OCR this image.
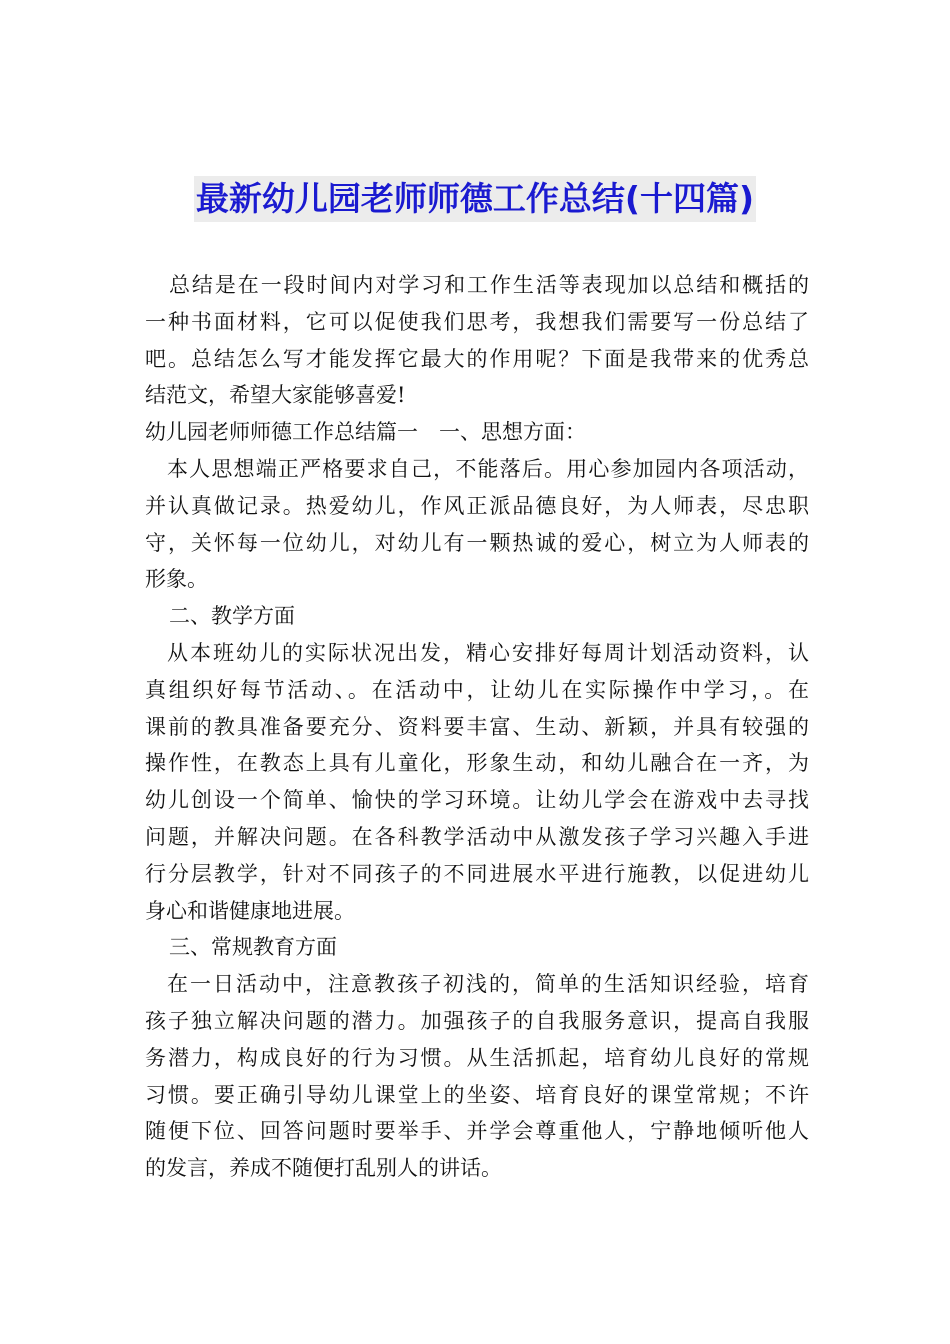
最新幼儿园老师师德工作总结(十四篇)
总结是在一段时间内对学习和工作生活等表现加以总结和概括的
一种书面材料，它可以促使我们思考，我想我们需要写一份总结了
吧。总结怎么写才能发挥它最大的作用呢？下面是我带来的优秀总
结范文，希望大家能够喜爱!
幼儿园老师师德工作总结篇一　一、思想方面：
本人思想端正严格要求自己，不能落后。用心参加园内各项活动，
并认真做记录。热爱幼儿，作风正派品德良好，为人师表，尽忠职
守，关怀每一位幼儿，对幼儿有一颗热诚的爱心，树立为人师表的
形象。
二、教学方面
从本班幼儿的实际状况出发，精心安排好每周计划活动资料，认
真组织好每节活动、。在活动中，让幼儿在实际操作中学习，。在
课前的教具准备要充分、资料要丰富、生动、新颖，并具有较强的
操作性，在教态上具有儿童化，形象生动，和幼儿融合在一齐，为
幼儿创设一个简单、愉快的学习环境。让幼儿学会在游戏中去寻找
问题，并解决问题。在各科教学活动中从激发孩子学习兴趣入手进
行分层教学，针对不同孩子的不同进展水平进行施教，以促进幼儿
身心和谐健康地进展。
三、常规教育方面
在一日活动中，注意教孩子初浅的，简单的生活知识经验，培育
孩子独立解决问题的潜力。加强孩子的自我服务意识，提高自我服
务潜力，构成良好的行为习惯。从生活抓起，培育幼儿良好的常规
习惯。要正确引导幼儿课堂上的坐姿、培育良好的课堂常规；不许
随便下位、回答问题时要举手、并学会尊重他人，宁静地倾听他人
的发言，养成不随便打乱别人的讲话。
